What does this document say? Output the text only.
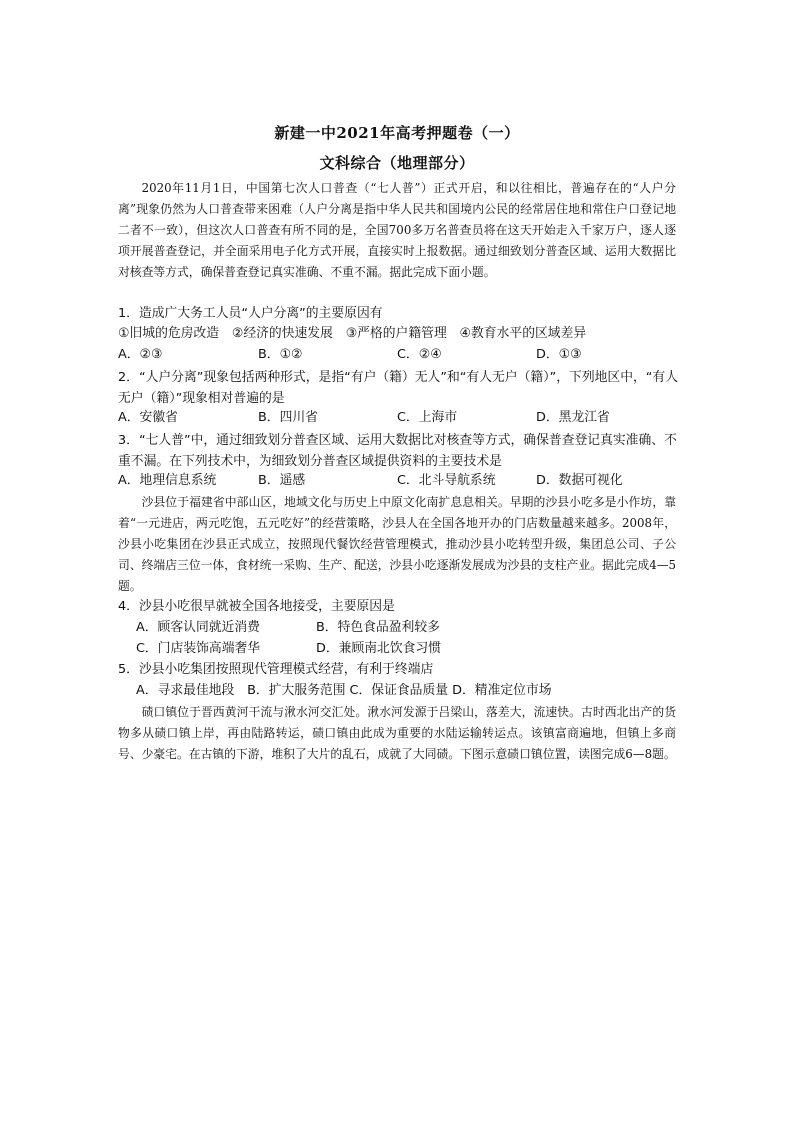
新建一中2021年高考押题卷（一）
文科综合（地理部分）
2020年11月1日，中国第七次人口普查（“七人普”）正式开启，和以往相比，普遍存在的“人户分离”现象仍然为人口普查带来困难（人户分离是指中华人民共和国境内公民的经常居住地和常住户口登记地二者不一致），但这次人口普查有所不同的是，全国700多万名普查员将在这天开始走入千家万户，逐人逐项开展普查登记，并全面采用电子化方式开展，直接实时上报数据。通过细致划分普查区域、运用大数据比对核查等方式，确保普查登记真实准确、不重不漏。据此完成下面小题。
1．造成广大务工人员“人户分离”的主要原因有
①旧城的危房改造　②经济的快速发展　③严格的户籍管理　④教育水平的区域差异
A．②③	B．①②	C．②④	D．①③
2．“人户分离”现象包括两种形式，是指“有户（籍）无人”和“有人无户（籍）”，下列地区中，“有人无户（籍）”现象相对普遍的是
A．安徽省	B．四川省	C．上海市	D．黑龙江省
3．“七人普”中，通过细致划分普查区域、运用大数据比对核查等方式，确保普查登记真实准确、不重不漏。在下列技术中，为细致划分普查区域提供资料的主要技术是
A．地理信息系统	B．遥感	C．北斗导航系统	D．数据可视化
沙县位于福建省中部山区，地域文化与历史上中原文化南扩息息相关。早期的沙县小吃多是小作坊，靠着“一元进店，两元吃饱，五元吃好”的经营策略，沙县人在全国各地开办的门店数量越来越多。2008年，沙县小吃集团在沙县正式成立，按照现代餐饮经营管理模式，推动沙县小吃转型升级，集团总公司、子公司、终端店三位一体，食材统一采购、生产、配送，沙县小吃逐渐发展成为沙县的支柱产业。据此完成4—5题。
4．沙县小吃很早就被全国各地接受，主要原因是
A．顾客认同就近消费	B．特色食品盈利较多
C．门店装饰高端奢华	D．兼顾南北饮食习惯
5．沙县小吃集团按照现代管理模式经营，有利于终端店
A．寻求最佳地段　B．扩大服务范围 C．保证食品质量 D．精准定位市场
碛口镇位于晋西黄河干流与湫水河交汇处。湫水河发源于吕梁山，落差大，流速快。古时西北出产的货物多从碛口镇上岸，再由陆路转运，碛口镇由此成为重要的水陆运输转运点。该镇富商遍地，但镇上多商号、少豪宅。在古镇的下游，堆积了大片的乱石，成就了大同碛。下图示意碛口镇位置，读图完成6—8题。
